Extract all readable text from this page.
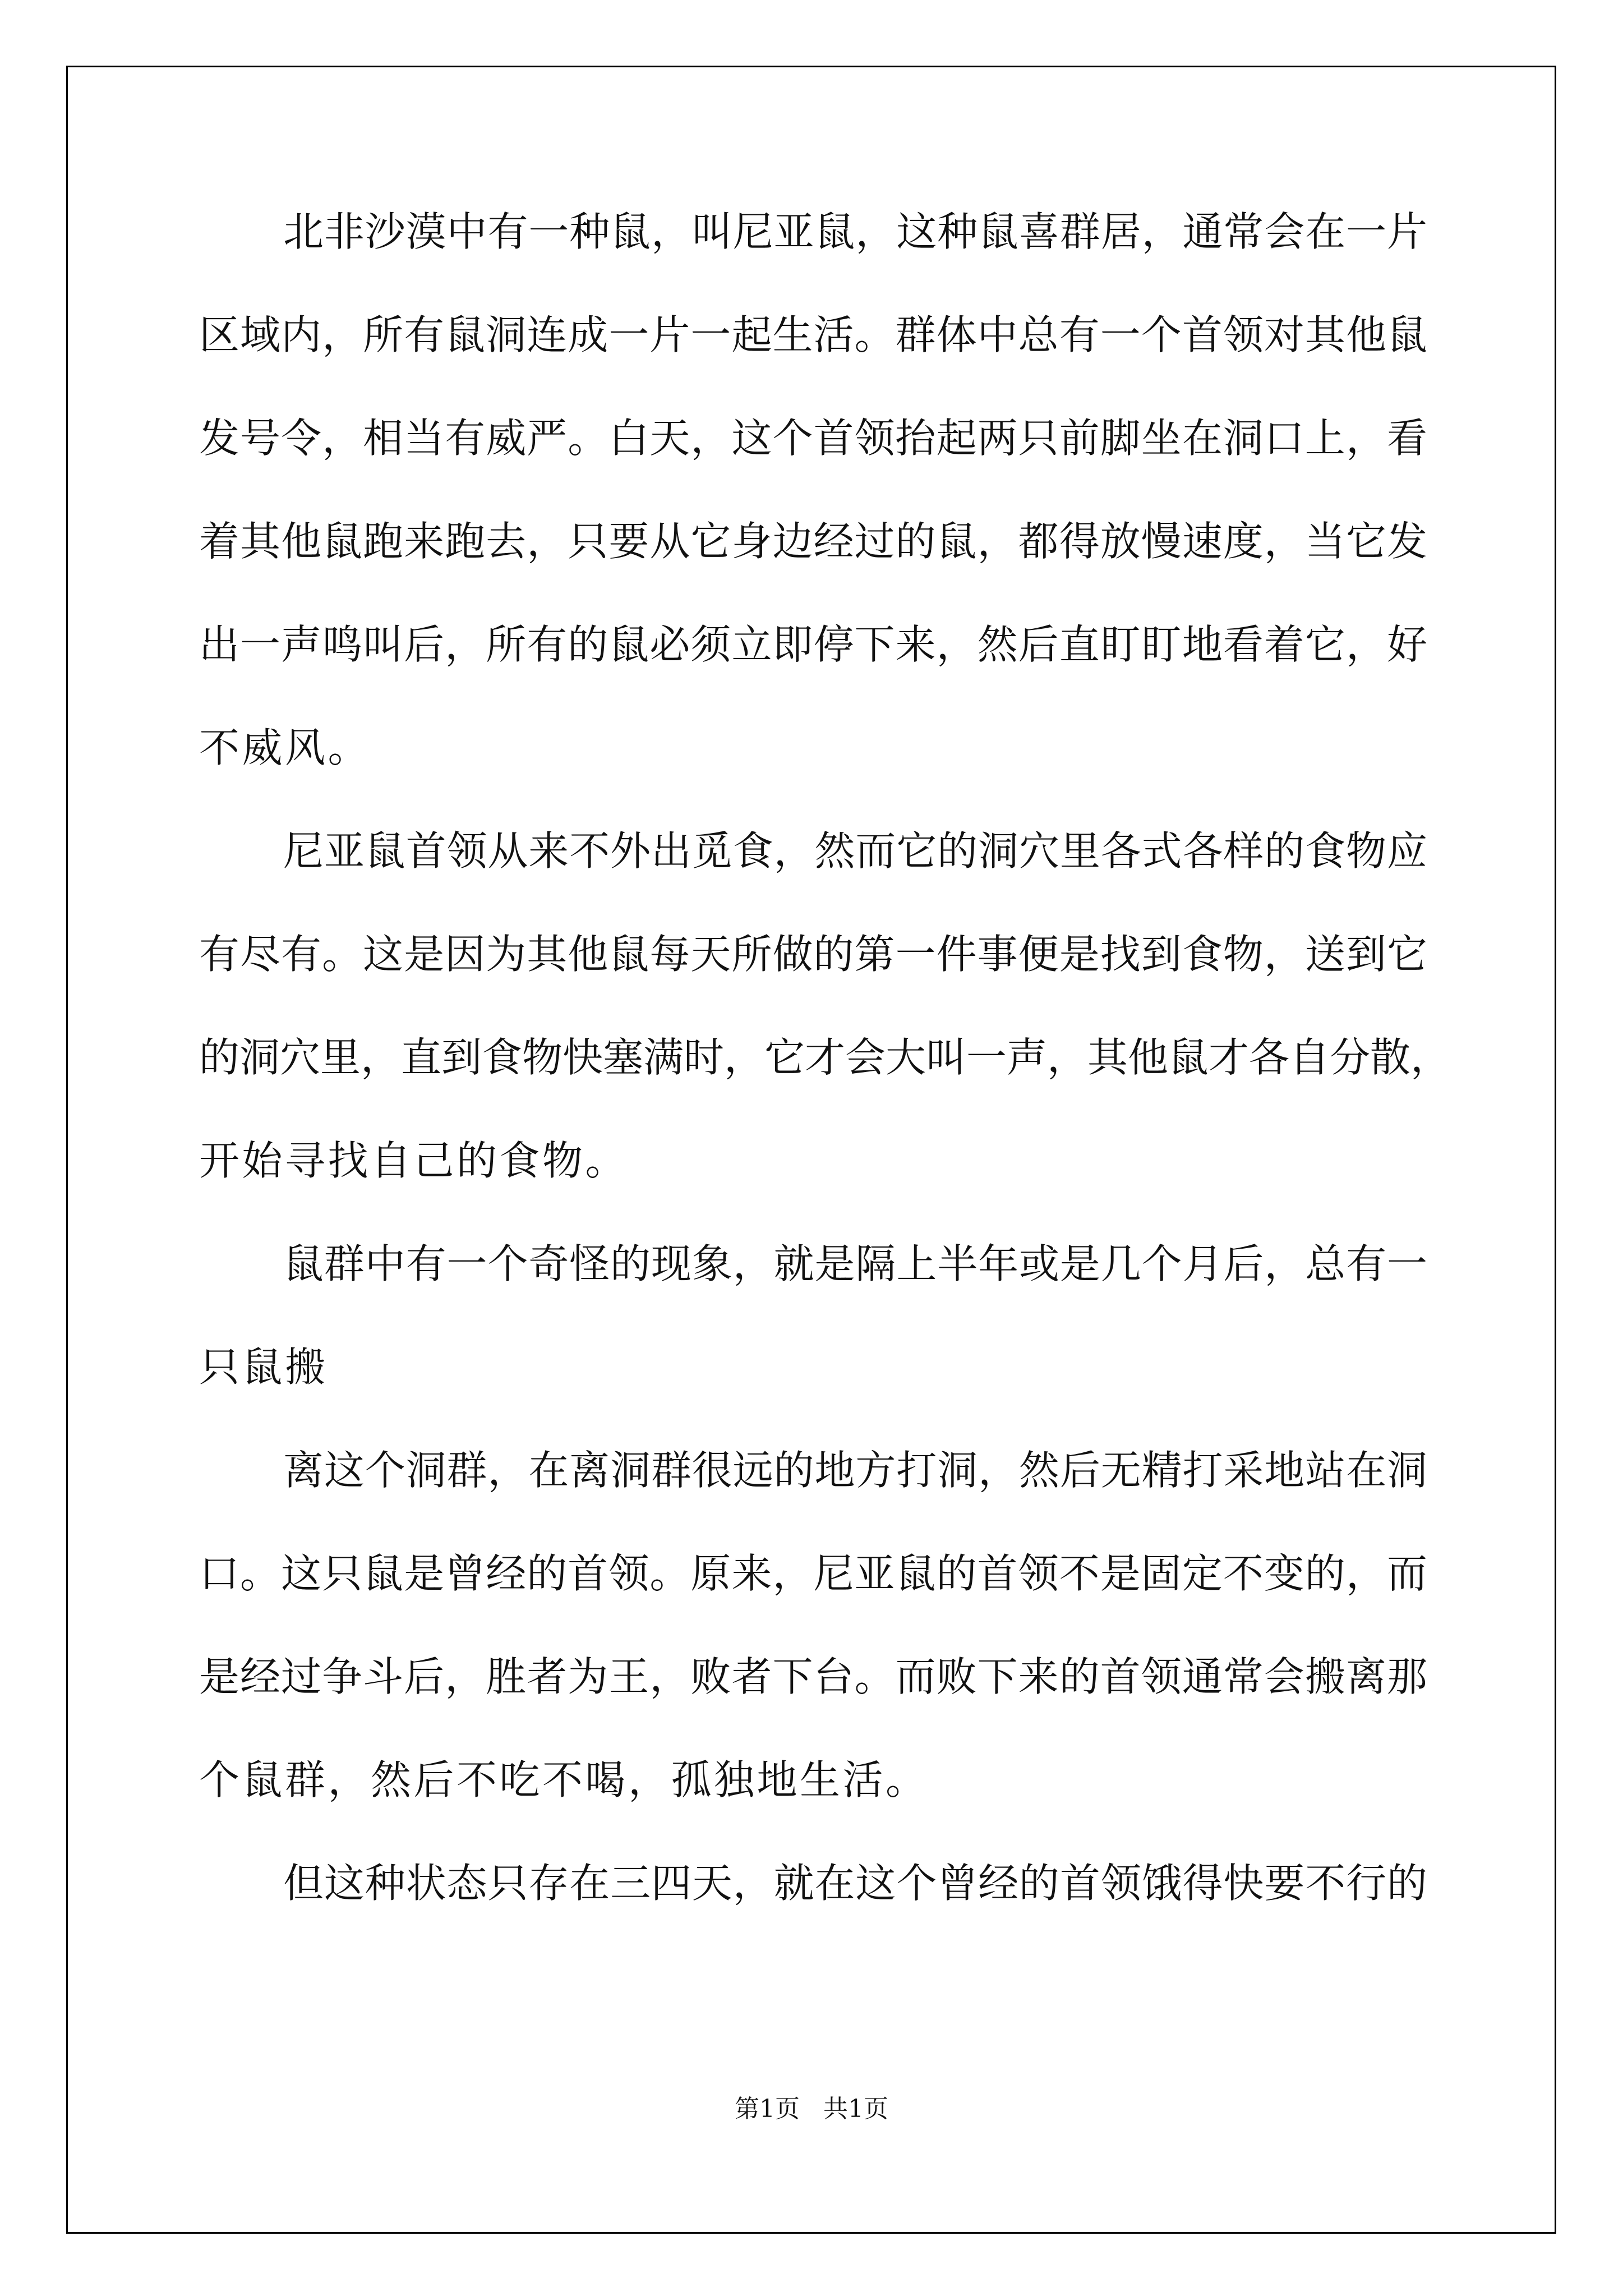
北非沙漠中有一种鼠，叫尼亚鼠，这种鼠喜群居，通常会在一片
区域内，所有鼠洞连成一片一起生活。群体中总有一个首领对其他鼠
发号令，相当有威严。白天，这个首领抬起两只前脚坐在洞口上，看
着其他鼠跑来跑去，只要从它身边经过的鼠，都得放慢速度，当它发
出一声鸣叫后，所有的鼠必须立即停下来，然后直盯盯地看着它，好
不威风。
尼亚鼠首领从来不外出觅食，然而它的洞穴里各式各样的食物应
有尽有。这是因为其他鼠每天所做的第一件事便是找到食物，送到它
的洞穴里，直到食物快塞满时，它才会大叫一声，其他鼠才各自分散，
开始寻找自己的食物。
鼠群中有一个奇怪的现象，就是隔上半年或是几个月后，总有一
只鼠搬
离这个洞群，在离洞群很远的地方打洞，然后无精打采地站在洞
口。这只鼠是曾经的首领。原来，尼亚鼠的首领不是固定不变的，而
是经过争斗后，胜者为王，败者下台。而败下来的首领通常会搬离那
个鼠群，然后不吃不喝，孤独地生活。
但这种状态只存在三四天，就在这个曾经的首领饿得快要不行的
第1页   共1页
